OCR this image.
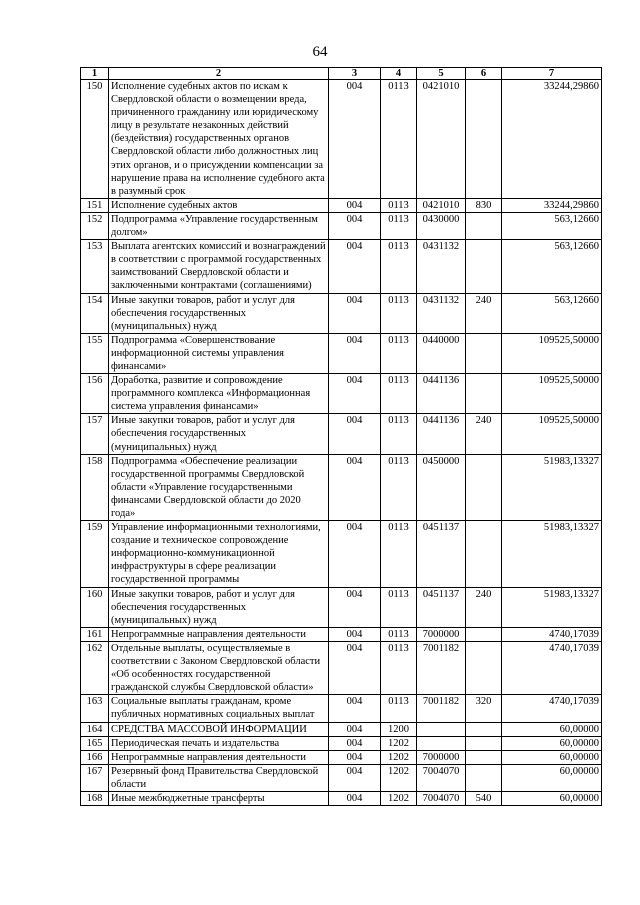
64
1	2	3	4	5	6	7
150	Исполнение судебных актов по искам к Свердловской области о возмещении вреда, причиненного гражданину или юридическому лицу в результате незаконных действий (бездействия) государственных органов Свердловской области либо должностных лиц этих органов, и о присуждении компенсации за нарушение права на исполнение судебного акта в разумный срок	004	0113	0421010		33244,29860
151	Исполнение судебных актов	004	0113	0421010	830	33244,29860
152	Подпрограмма «Управление государственным долгом»	004	0113	0430000		563,12660
153	Выплата агентских комиссий и вознаграждений в соответствии с программой государственных заимствований Свердловской области и заключенными контрактами (соглашениями)	004	0113	0431132		563,12660
154	Иные закупки товаров, работ и услуг для обеспечения государственных (муниципальных) нужд	004	0113	0431132	240	563,12660
155	Подпрограмма «Совершенствование информационной системы управления финансами»	004	0113	0440000		109525,50000
156	Доработка, развитие и сопровождение программного комплекса «Информационная система управления финансами»	004	0113	0441136		109525,50000
157	Иные закупки товаров, работ и услуг для обеспечения государственных (муниципальных) нужд	004	0113	0441136	240	109525,50000
158	Подпрограмма «Обеспечение реализации государственной программы Свердловской области «Управление государственными финансами Свердловской области до 2020 года»	004	0113	0450000		51983,13327
159	Управление информационными технологиями, создание и техническое сопровождение информационно-коммуникационной инфраструктуры в сфере реализации государственной программы	004	0113	0451137		51983,13327
160	Иные закупки товаров, работ и услуг для обеспечения государственных (муниципальных) нужд	004	0113	0451137	240	51983,13327
161	Непрограммные направления деятельности	004	0113	7000000		4740,17039
162	Отдельные выплаты, осуществляемые в соответствии с Законом Свердловской области «Об особенностях государственной гражданской службы Свердловской области»	004	0113	7001182		4740,17039
163	Социальные выплаты гражданам, кроме публичных нормативных социальных выплат	004	0113	7001182	320	4740,17039
164	СРЕДСТВА МАССОВОЙ ИНФОРМАЦИИ	004	1200			60,00000
165	Периодическая печать и издательства	004	1202			60,00000
166	Непрограммные направления деятельности	004	1202	7000000		60,00000
167	Резервный фонд Правительства Свердловской области	004	1202	7004070		60,00000
168	Иные межбюджетные трансферты	004	1202	7004070	540	60,00000
